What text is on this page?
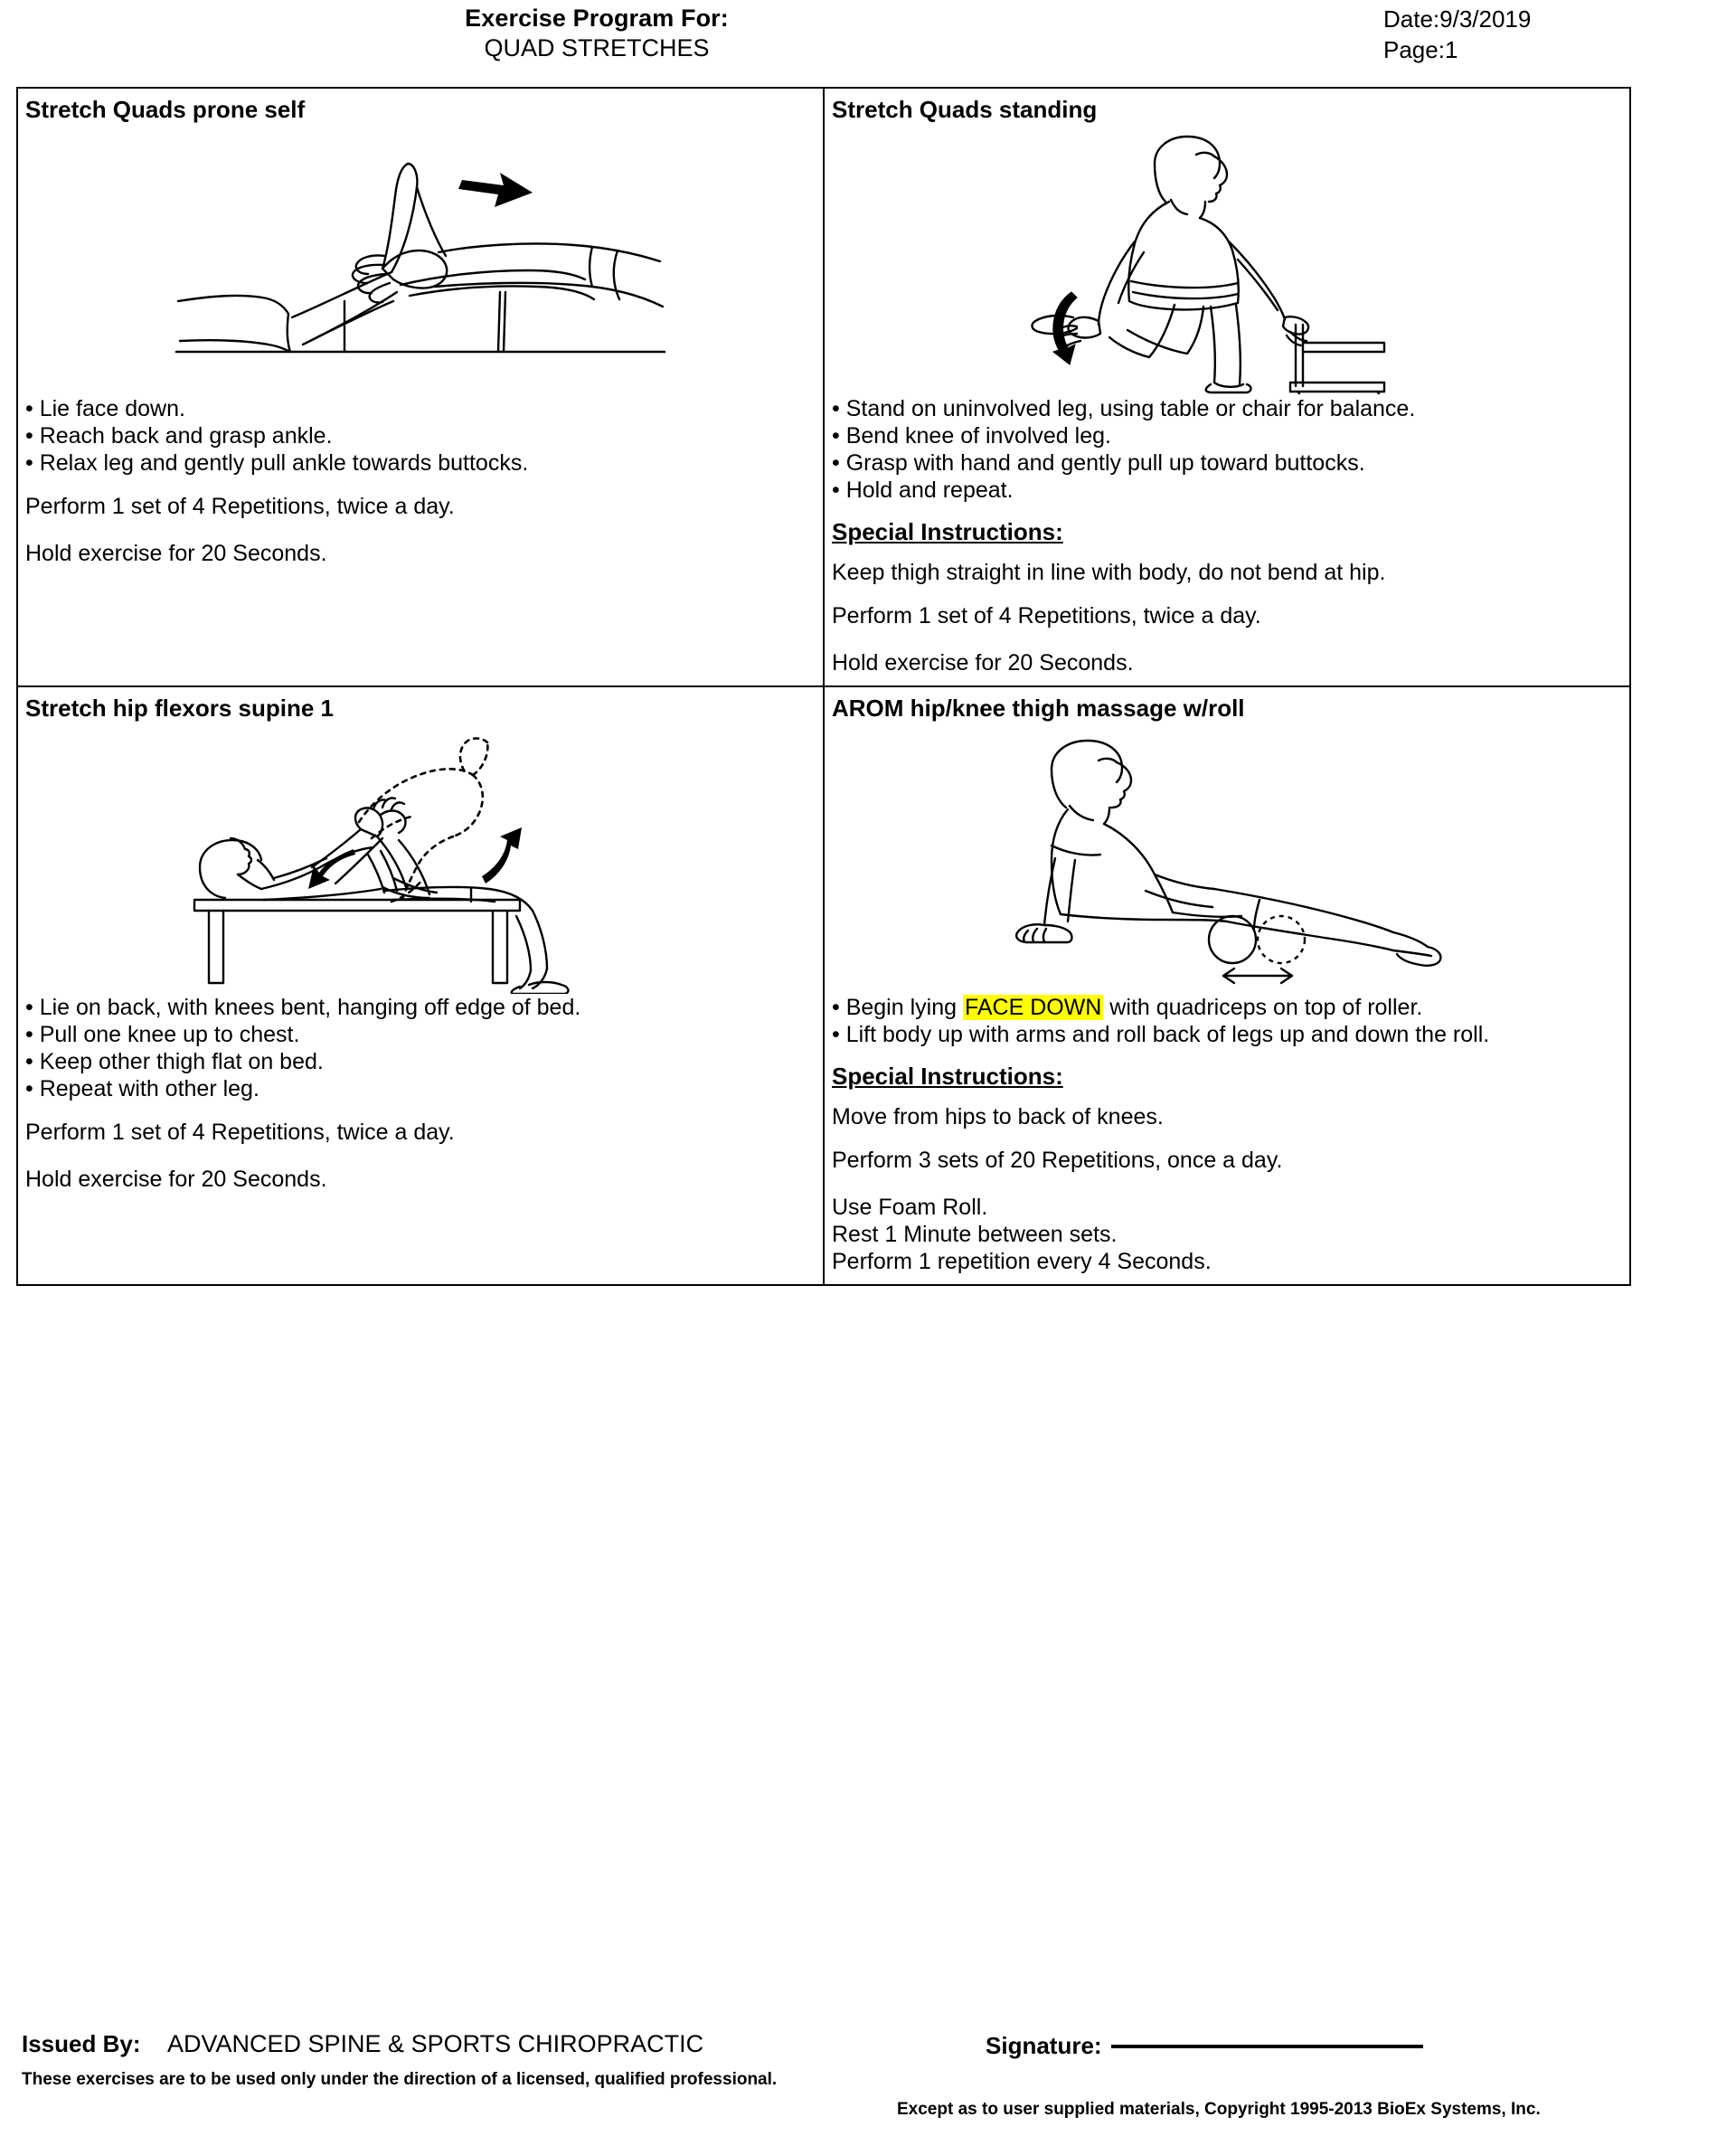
Exercise Program For:
QUAD STRETCHES
Date:9/3/2019
Page:1
Stretch Quads prone self
• Lie face down.
• Reach back and grasp ankle.
• Relax leg and gently pull ankle towards buttocks.
Perform 1 set of 4 Repetitions, twice a day.
Hold exercise for 20 Seconds.

Stretch Quads standing
• Stand on uninvolved leg, using table or chair for balance.
• Bend knee of involved leg.
• Grasp with hand and gently pull up toward buttocks.
• Hold and repeat.
Special Instructions:
Keep thigh straight in line with body, do not bend at hip.
Perform 1 set of 4 Repetitions, twice a day.
Hold exercise for 20 Seconds.

Stretch hip flexors supine 1
• Lie on back, with knees bent, hanging off edge of bed.
• Pull one knee up to chest.
• Keep other thigh flat on bed.
• Repeat with other leg.
Perform 1 set of 4 Repetitions, twice a day.
Hold exercise for 20 Seconds.

AROM hip/knee thigh massage w/roll
• Begin lying FACE DOWN with quadriceps on top of roller.
• Lift body up with arms and roll back of legs up and down the roll.
Special Instructions:
Move from hips to back of knees.
Perform 3 sets of 20 Repetitions, once a day.
Use Foam Roll.
Rest 1 Minute between sets.
Perform 1 repetition every 4 Seconds.
Issued By: ADVANCED SPINE & SPORTS CHIROPRACTIC
These exercises are to be used only under the direction of a licensed, qualified professional.
Signature:
Except as to user supplied materials, Copyright 1995-2013 BioEx Systems, Inc.
